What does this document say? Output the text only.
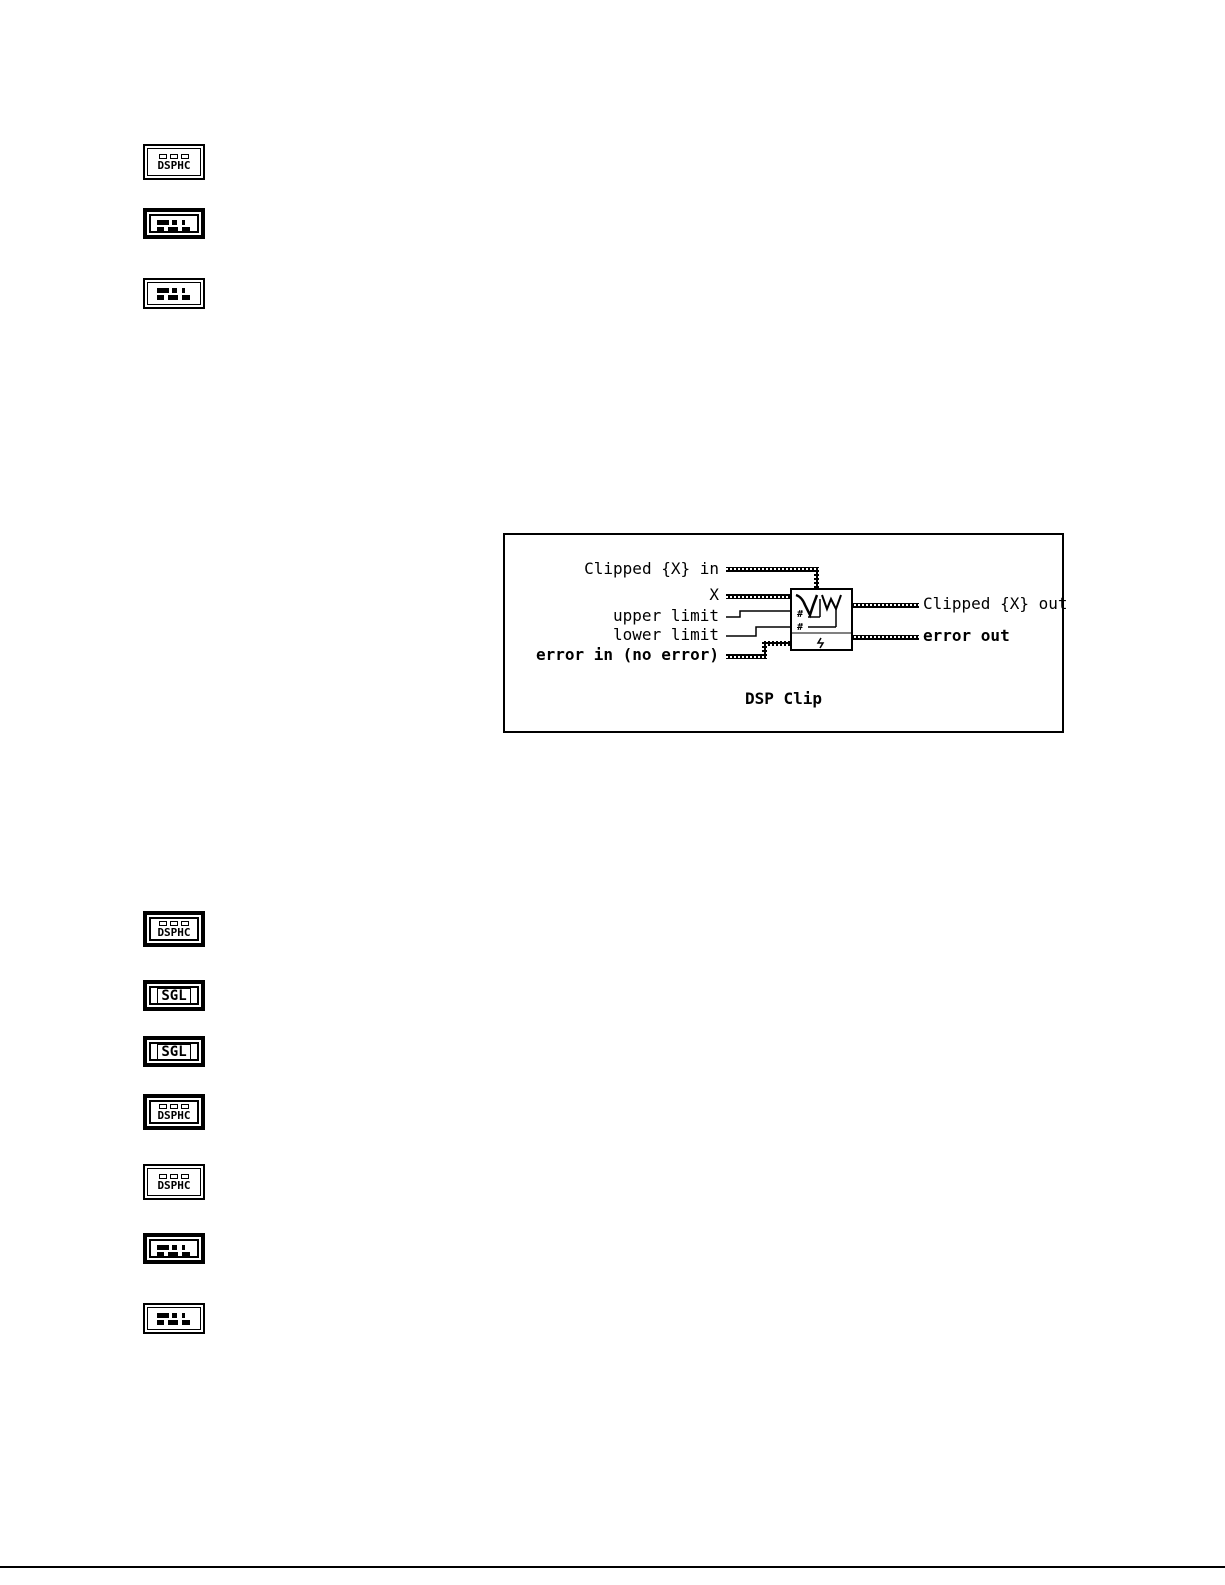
DSPHC
#
#
Clipped {X} in
X
upper limit
lower limit
error in (no error)
Clipped {X} out
error out
DSP Clip
DSPHC
SGL
SGL
DSPHC
DSPHC
